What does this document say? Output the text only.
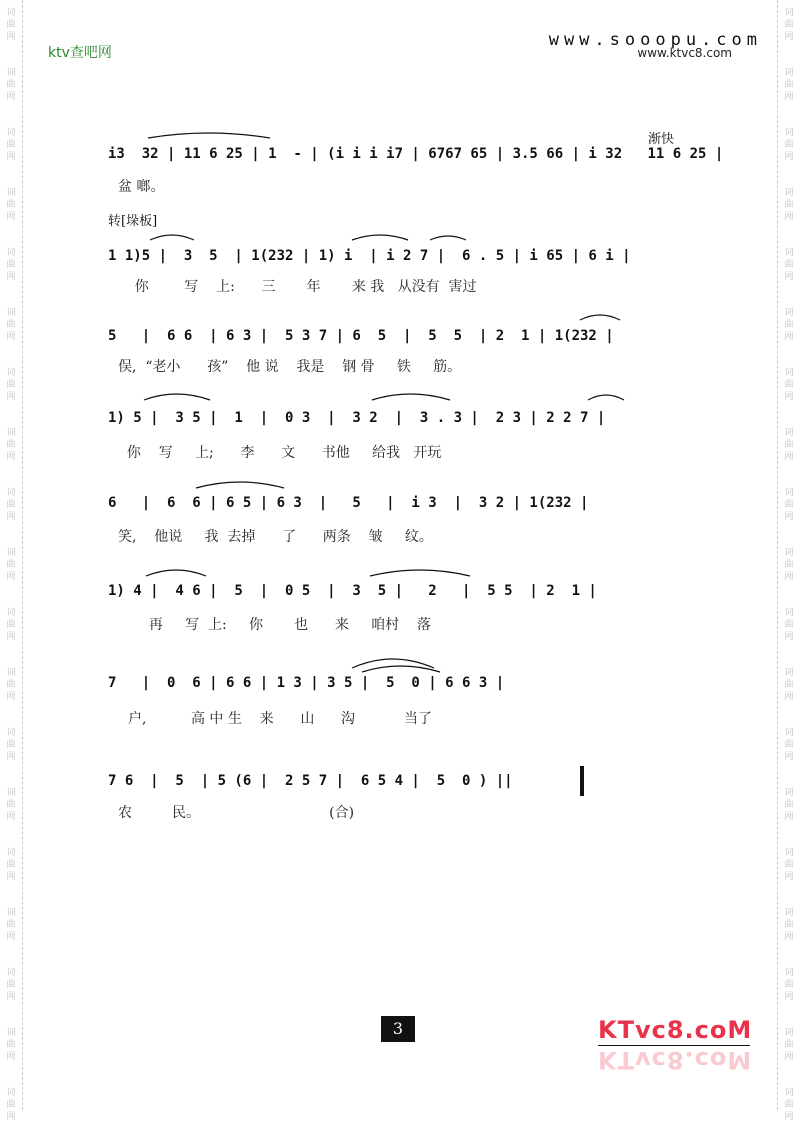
词
曲
网
词
曲
网
词
曲
网
词
曲
网
词
曲
网
词
曲
网
词
曲
网
词
曲
网
词
曲
网
词
曲
网
词
曲
网
词
曲
网
词
曲
网
词
曲
网
词
曲
网
词
曲
网
词
曲
网
词
曲
网
词
曲
网
词
曲
网
词
曲
网
词
曲
网
词
曲
网
词
曲
网
词
曲
网
词
曲
网
词
曲
网
词
曲
网
词
曲
网
词
曲
网
词
曲
网
词
曲
网
词
曲
网
词
曲
网
词
曲
网
词
曲
网
词
曲
网
词
曲
网
ktv查吧网
www.sooopu.com
www.ktvc8.com
渐快
i3  32 | 11 6 25 | 1  - | (i i i i7 | 6767 65 | 3.5 66 | i 32   11 6 25 |
盆 啷。
转[垛板]
1 1)5 |  3  5  | 1(232 | 1) i  | i 2 7 |  6 . 5 | i 65 | 6 i |
你        写    上:      三       年       来 我   从没有  害过
5   |  6 6  | 6 3 |  5 3 7 | 6  5  |  5  5  | 2  1 | 1(232 |
俣,  “老小      孩”    他 说    我是    钢 骨     铁     筋。
1) 5 |  3 5 |  1  |  0 3  |  3 2  |  3 . 3 |  2 3 | 2 2 7 |
你    写     上;      李      文      书他     给我   开玩
6   |  6  6 | 6 5 | 6 3  |   5   |  i 3  |  3 2 | 1(232 |
笑,    他说     我  去掉      了      两条    皱     纹。
1) 4 |  4 6 |  5  |  0 5  |  3  5 |   2   |  5 5  | 2  1 |
再     写  上:     你       也      来     咱村    落
7   |  0  6 | 6 6 | 1 3 | 3 5 |  5  0 | 6 6 3 |
户,          高 中 生    来      山      沟           当了
7 6  |  5  | 5 (6 |  2 5 7 |  6 5 4 |  5  0 ) ||
农         民。                             (合)
3	KTvc8.coM
KTvc8.coM
